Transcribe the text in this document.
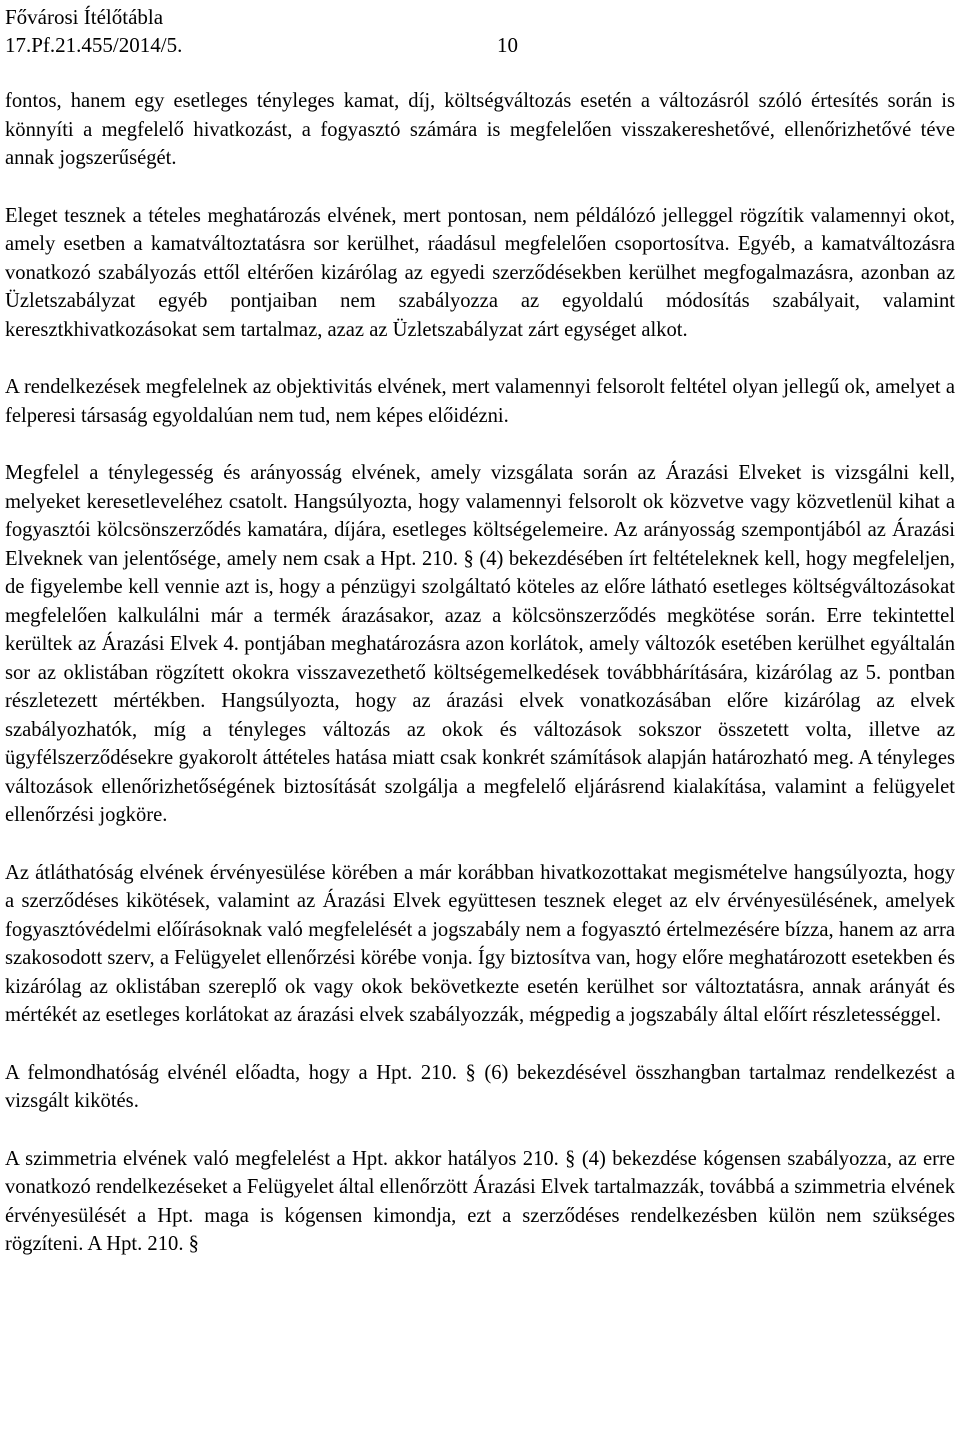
Fővárosi Ítélőtábla
17.Pf.21.455/2014/5.	10

fontos, hanem egy esetleges tényleges kamat, díj, költségváltozás esetén a változásról szóló értesítés során is könnyíti a megfelelő hivatkozást, a fogyasztó számára is megfelelően visszakereshetővé, ellenőrizhetővé téve annak jogszerűségét.

Eleget tesznek a tételes meghatározás elvének, mert pontosan, nem példálózó jelleggel rögzítik valamennyi okot, amely esetben a kamatváltoztatásra sor kerülhet, ráadásul megfelelően csoportosítva. Egyéb, a kamatváltozásra vonatkozó szabályozás ettől eltérően kizárólag az egyedi szerződésekben kerülhet megfogalmazásra, azonban az Üzletszabályzat egyéb pontjaiban nem szabályozza az egyoldalú módosítás szabályait, valamint keresztkhivatkozásokat sem tartalmaz, azaz az Üzletszabályzat zárt egységet alkot.

A rendelkezések megfelelnek az objektivitás elvének, mert valamennyi felsorolt feltétel olyan jellegű ok, amelyet a felperesi társaság egyoldalúan nem tud, nem képes előidézni.

Megfelel a ténylegesség és arányosság elvének, amely vizsgálata során az Árazási Elveket is vizsgálni kell, melyeket keresetleveléhez csatolt. Hangsúlyozta, hogy valamennyi felsorolt ok közvetve vagy közvetlenül kihat a fogyasztói kölcsönszerződés kamatára, díjára, esetleges költségelemeire. Az arányosság szempontjából az Árazási Elveknek van jelentősége, amely nem csak a Hpt. 210. § (4) bekezdésében írt feltételeknek kell, hogy megfeleljen, de figyelembe kell vennie azt is, hogy a pénzügyi szolgáltató köteles az előre látható esetleges költségváltozásokat megfelelően kalkulálni már a termék árazásakor, azaz a kölcsönszerződés megkötése során. Erre tekintettel kerültek az Árazási Elvek 4. pontjában meghatározásra azon korlátok, amely változók esetében kerülhet egyáltalán sor az oklistában rögzített okokra visszavezethető költségemelkedések továbbhárítására, kizárólag az 5. pontban részletezett mértékben. Hangsúlyozta, hogy az árazási elvek vonatkozásában előre kizárólag az elvek szabályozhatók, míg a tényleges változás az okok és változások sokszor összetett volta, illetve az ügyfélszerződésekre gyakorolt áttételes hatása miatt csak konkrét számítások alapján határozható meg. A tényleges változások ellenőrizhetőségének biztosítását szolgálja a megfelelő eljárásrend kialakítása, valamint a felügyelet ellenőrzési jogköre.

Az átláthatóság elvének érvényesülése körében a már korábban hivatkozottakat megismételve hangsúlyozta, hogy a szerződéses kikötések, valamint az Árazási Elvek együttesen tesznek eleget az elv érvényesülésének, amelyek fogyasztóvédelmi előírásoknak való megfelelését a jogszabály nem a fogyasztó értelmezésére bízza, hanem az arra szakosodott szerv, a Felügyelet ellenőrzési körébe vonja. Így biztosítva van, hogy előre meghatározott esetekben és kizárólag az oklistában szereplő ok vagy okok bekövetkezte esetén kerülhet sor változtatásra, annak arányát és mértékét az esetleges korlátokat az árazási elvek szabályozzák, mégpedig a jogszabály által előírt részletességgel.

A felmondhatóság elvénél előadta, hogy a Hpt. 210. § (6) bekezdésével összhangban tartalmaz rendelkezést a vizsgált kikötés.

A szimmetria elvének való megfelelést a Hpt. akkor hatályos 210. § (4) bekezdése kógensen szabályozza, az erre vonatkozó rendelkezéseket a Felügyelet által ellenőrzött Árazási Elvek tartalmazzák, továbbá a szimmetria elvének érvényesülését a Hpt. maga is kógensen kimondja, ezt a szerződéses rendelkezésben külön nem szükséges rögzíteni. A Hpt. 210. §
